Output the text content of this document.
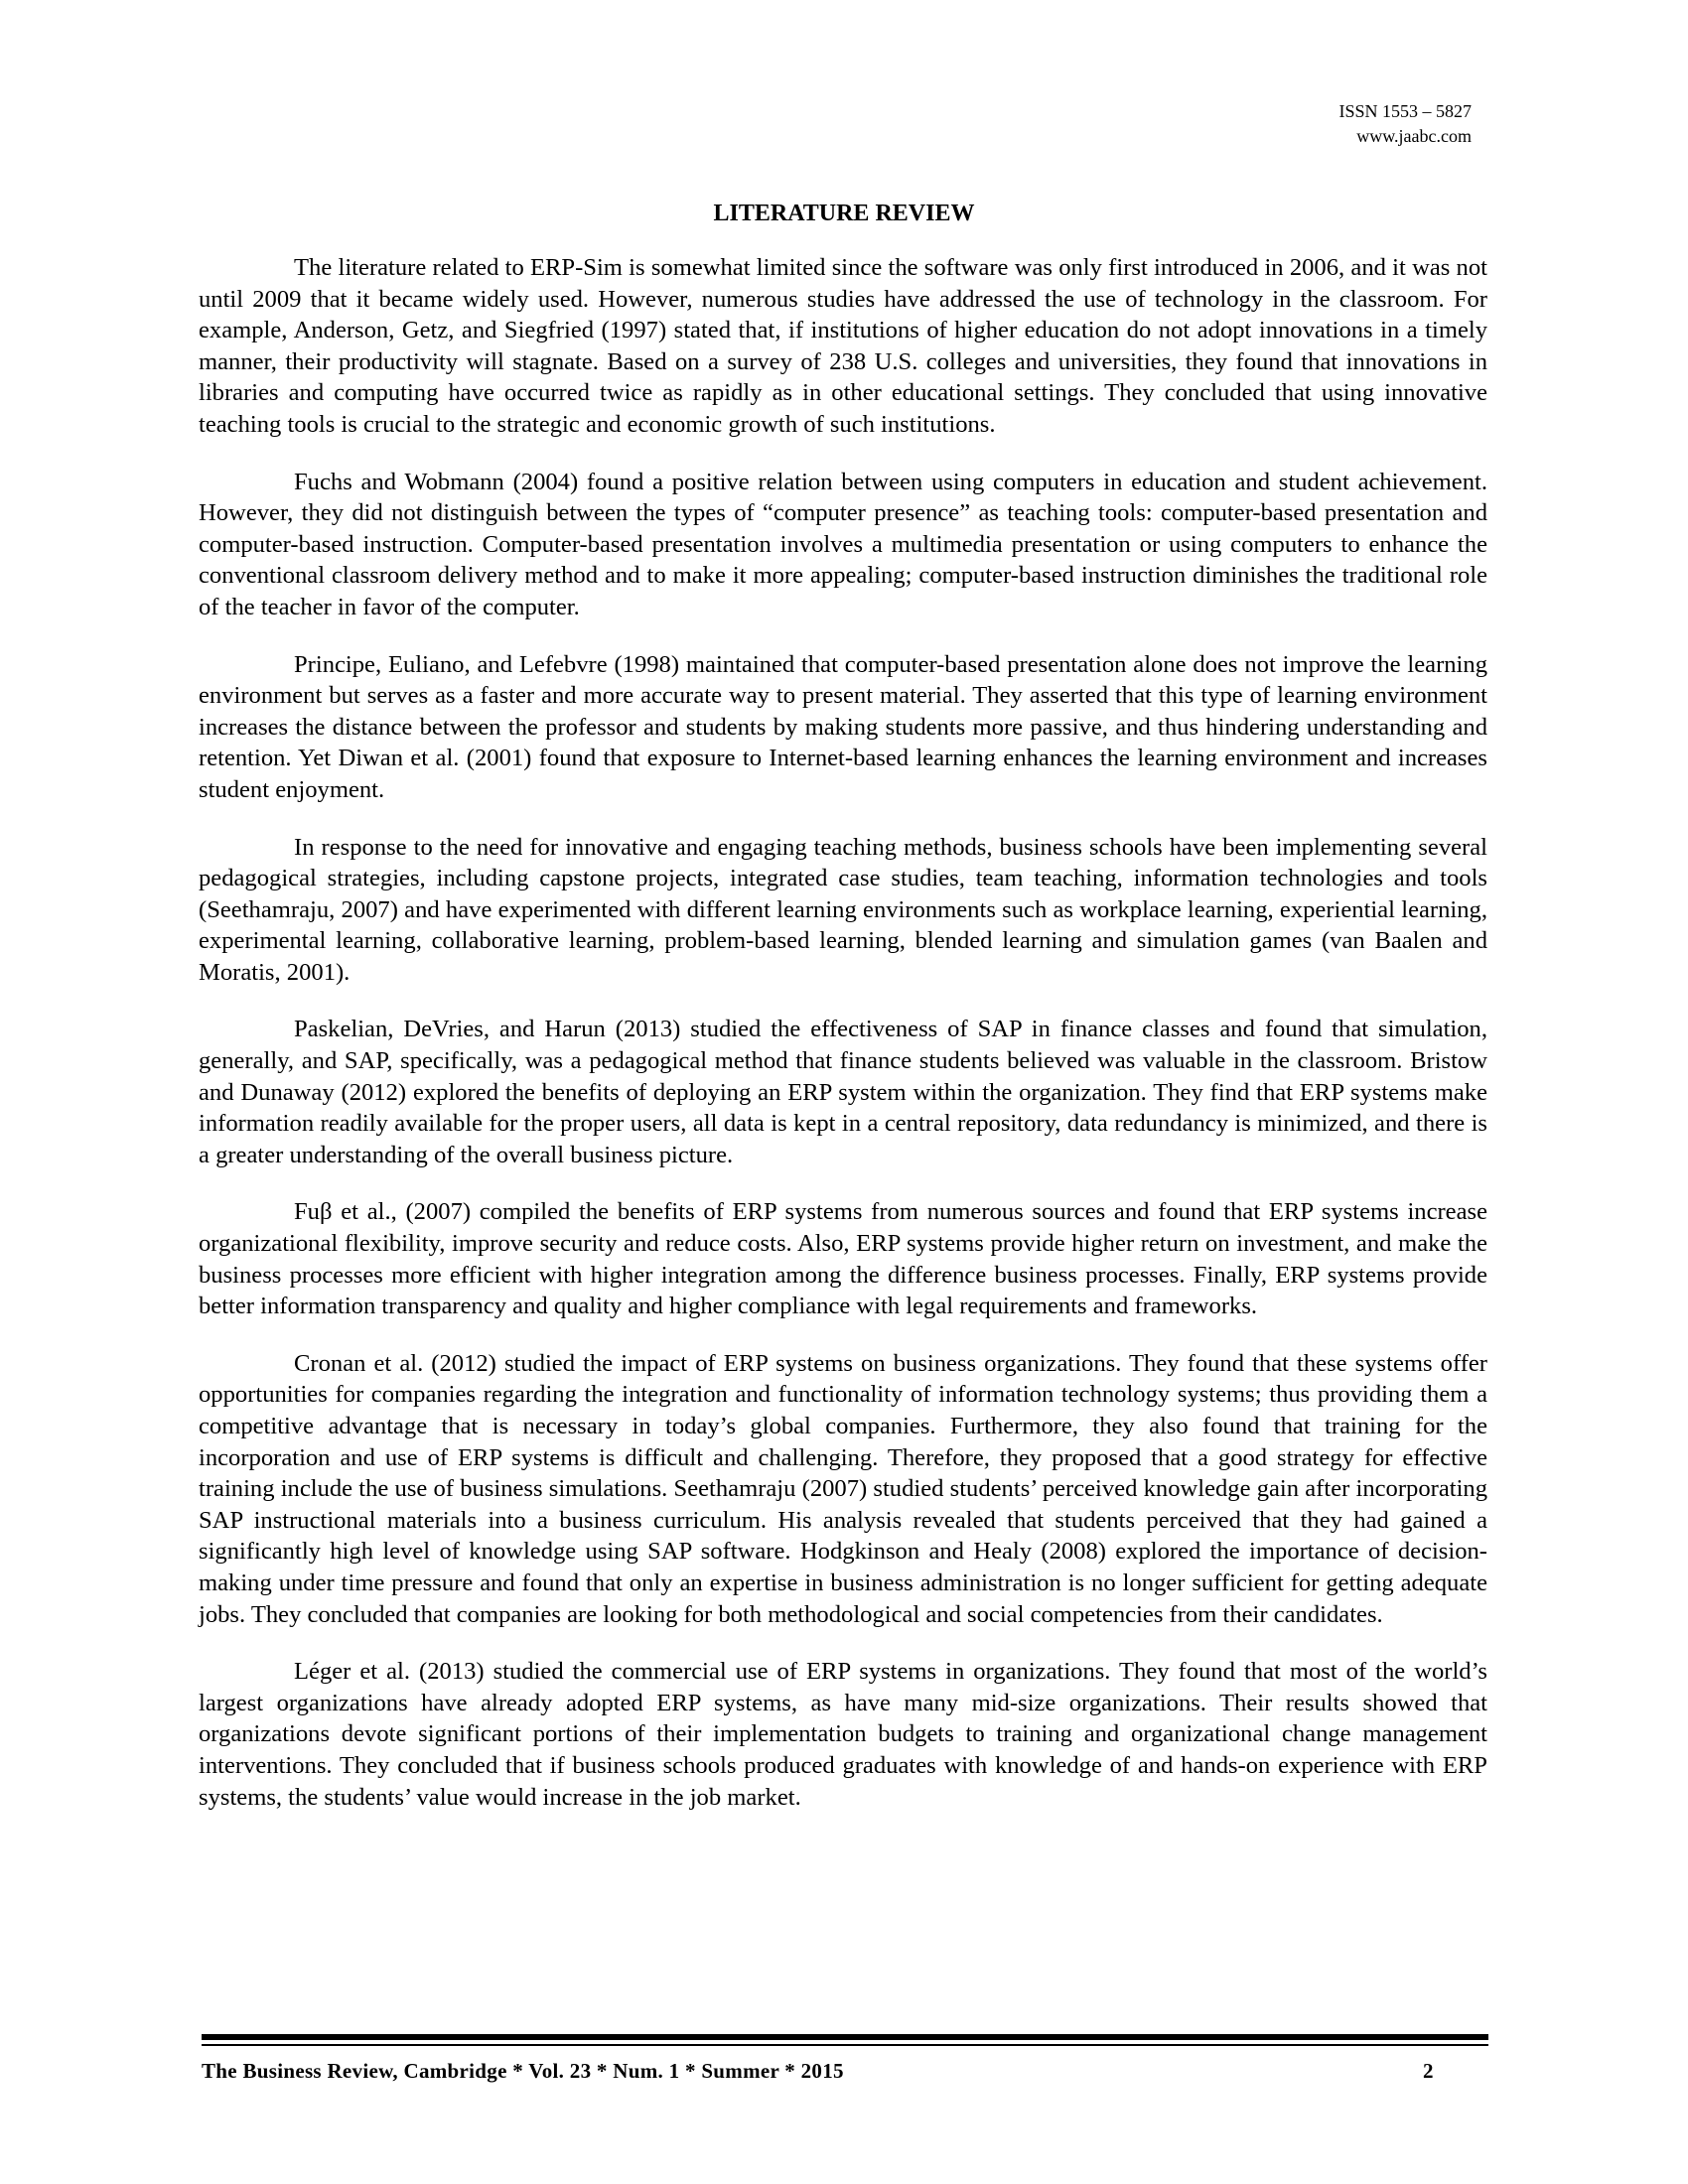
ISSN 1553 – 5827
www.jaabc.com
LITERATURE REVIEW

The literature related to ERP-Sim is somewhat limited since the software was only first introduced in 2006, and it was not until 2009 that it became widely used. However, numerous studies have addressed the use of technology in the classroom. For example, Anderson, Getz, and Siegfried (1997) stated that, if institutions of higher education do not adopt innovations in a timely manner, their productivity will stagnate. Based on a survey of 238 U.S. colleges and universities, they found that innovations in libraries and computing have occurred twice as rapidly as in other educational settings. They concluded that using innovative teaching tools is crucial to the strategic and economic growth of such institutions.

Fuchs and Wobmann (2004) found a positive relation between using computers in education and student achievement. However, they did not distinguish between the types of “computer presence” as teaching tools: computer-based presentation and computer-based instruction. Computer-based presentation involves a multimedia presentation or using computers to enhance the conventional classroom delivery method and to make it more appealing; computer-based instruction diminishes the traditional role of the teacher in favor of the computer.

Principe, Euliano, and Lefebvre (1998) maintained that computer-based presentation alone does not improve the learning environment but serves as a faster and more accurate way to present material. They asserted that this type of learning environment increases the distance between the professor and students by making students more passive, and thus hindering understanding and retention. Yet Diwan et al. (2001) found that exposure to Internet-based learning enhances the learning environment and increases student enjoyment.

In response to the need for innovative and engaging teaching methods, business schools have been implementing several pedagogical strategies, including capstone projects, integrated case studies, team teaching, information technologies and tools (Seethamraju, 2007) and have experimented with different learning environments such as workplace learning, experiential learning, experimental learning, collaborative learning, problem-based learning, blended learning and simulation games (van Baalen and Moratis, 2001).

Paskelian, DeVries, and Harun (2013) studied the effectiveness of SAP in finance classes and found that simulation, generally, and SAP, specifically, was a pedagogical method that finance students believed was valuable in the classroom. Bristow and Dunaway (2012) explored the benefits of deploying an ERP system within the organization. They find that ERP systems make information readily available for the proper users, all data is kept in a central repository, data redundancy is minimized, and there is a greater understanding of the overall business picture.

Fuβ et al., (2007) compiled the benefits of ERP systems from numerous sources and found that ERP systems increase organizational flexibility, improve security and reduce costs. Also, ERP systems provide higher return on investment, and make the business processes more efficient with higher integration among the difference business processes. Finally, ERP systems provide better information transparency and quality and higher compliance with legal requirements and frameworks.

Cronan et al. (2012) studied the impact of ERP systems on business organizations. They found that these systems offer opportunities for companies regarding the integration and functionality of information technology systems; thus providing them a competitive advantage that is necessary in today’s global companies. Furthermore, they also found that training for the incorporation and use of ERP systems is difficult and challenging. Therefore, they proposed that a good strategy for effective training include the use of business simulations. Seethamraju (2007) studied students’ perceived knowledge gain after incorporating SAP instructional materials into a business curriculum. His analysis revealed that students perceived that they had gained a significantly high level of knowledge using SAP software. Hodgkinson and Healy (2008) explored the importance of decision-making under time pressure and found that only an expertise in business administration is no longer sufficient for getting adequate jobs. They concluded that companies are looking for both methodological and social competencies from their candidates.

Léger et al. (2013) studied the commercial use of ERP systems in organizations. They found that most of the world’s largest organizations have already adopted ERP systems, as have many mid-size organizations. Their results showed that organizations devote significant portions of their implementation budgets to training and organizational change management interventions. They concluded that if business schools produced graduates with knowledge of and hands-on experience with ERP systems, the students’ value would increase in the job market.

The Business Review, Cambridge * Vol. 23 * Num. 1 * Summer * 2015	2
